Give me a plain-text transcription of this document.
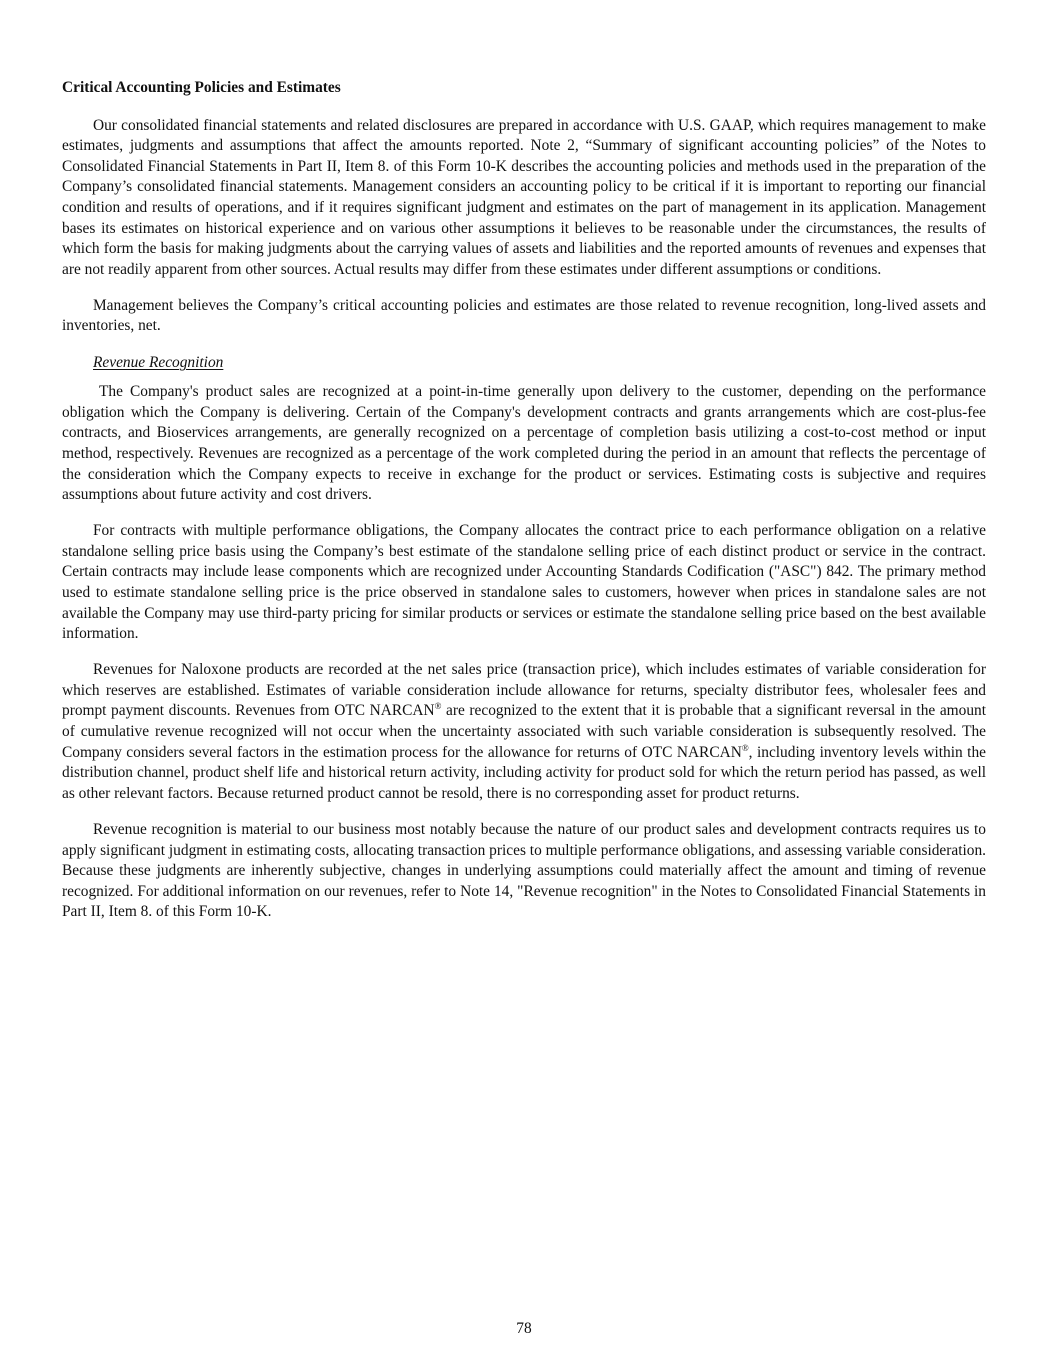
Critical Accounting Policies and Estimates

Our consolidated financial statements and related disclosures are prepared in accordance with U.S. GAAP, which requires management to make estimates, judgments and assumptions that affect the amounts reported. Note 2, “Summary of significant accounting policies” of the Notes to Consolidated Financial Statements in Part II, Item 8. of this Form 10-K describes the accounting policies and methods used in the preparation of the Company’s consolidated financial statements. Management considers an accounting policy to be critical if it is important to reporting our financial condition and results of operations, and if it requires significant judgment and estimates on the part of management in its application. Management bases its estimates on historical experience and on various other assumptions it believes to be reasonable under the circumstances, the results of which form the basis for making judgments about the carrying values of assets and liabilities and the reported amounts of revenues and expenses that are not readily apparent from other sources. Actual results may differ from these estimates under different assumptions or conditions.

Management believes the Company’s critical accounting policies and estimates are those related to revenue recognition, long-lived assets and inventories, net.

Revenue Recognition

The Company's product sales are recognized at a point-in-time generally upon delivery to the customer, depending on the performance obligation which the Company is delivering. Certain of the Company's development contracts and grants arrangements which are cost-plus-fee contracts, and Bioservices arrangements, are generally recognized on a percentage of completion basis utilizing a cost-to-cost method or input method, respectively. Revenues are recognized as a percentage of the work completed during the period in an amount that reflects the percentage of the consideration which the Company expects to receive in exchange for the product or services. Estimating costs is subjective and requires assumptions about future activity and cost drivers.

For contracts with multiple performance obligations, the Company allocates the contract price to each performance obligation on a relative standalone selling price basis using the Company’s best estimate of the standalone selling price of each distinct product or service in the contract. Certain contracts may include lease components which are recognized under Accounting Standards Codification ("ASC") 842. The primary method used to estimate standalone selling price is the price observed in standalone sales to customers, however when prices in standalone sales are not available the Company may use third-party pricing for similar products or services or estimate the standalone selling price based on the best available information.

Revenues for Naloxone products are recorded at the net sales price (transaction price), which includes estimates of variable consideration for which reserves are established. Estimates of variable consideration include allowance for returns, specialty distributor fees, wholesaler fees and prompt payment discounts. Revenues from OTC NARCAN® are recognized to the extent that it is probable that a significant reversal in the amount of cumulative revenue recognized will not occur when the uncertainty associated with such variable consideration is subsequently resolved. The Company considers several factors in the estimation process for the allowance for returns of OTC NARCAN®, including inventory levels within the distribution channel, product shelf life and historical return activity, including activity for product sold for which the return period has passed, as well as other relevant factors. Because returned product cannot be resold, there is no corresponding asset for product returns.

Revenue recognition is material to our business most notably because the nature of our product sales and development contracts requires us to apply significant judgment in estimating costs, allocating transaction prices to multiple performance obligations, and assessing variable consideration. Because these judgments are inherently subjective, changes in underlying assumptions could materially affect the amount and timing of revenue recognized. For additional information on our revenues, refer to Note 14, "Revenue recognition" in the Notes to Consolidated Financial Statements in Part II, Item 8. of this Form 10-K.

78
